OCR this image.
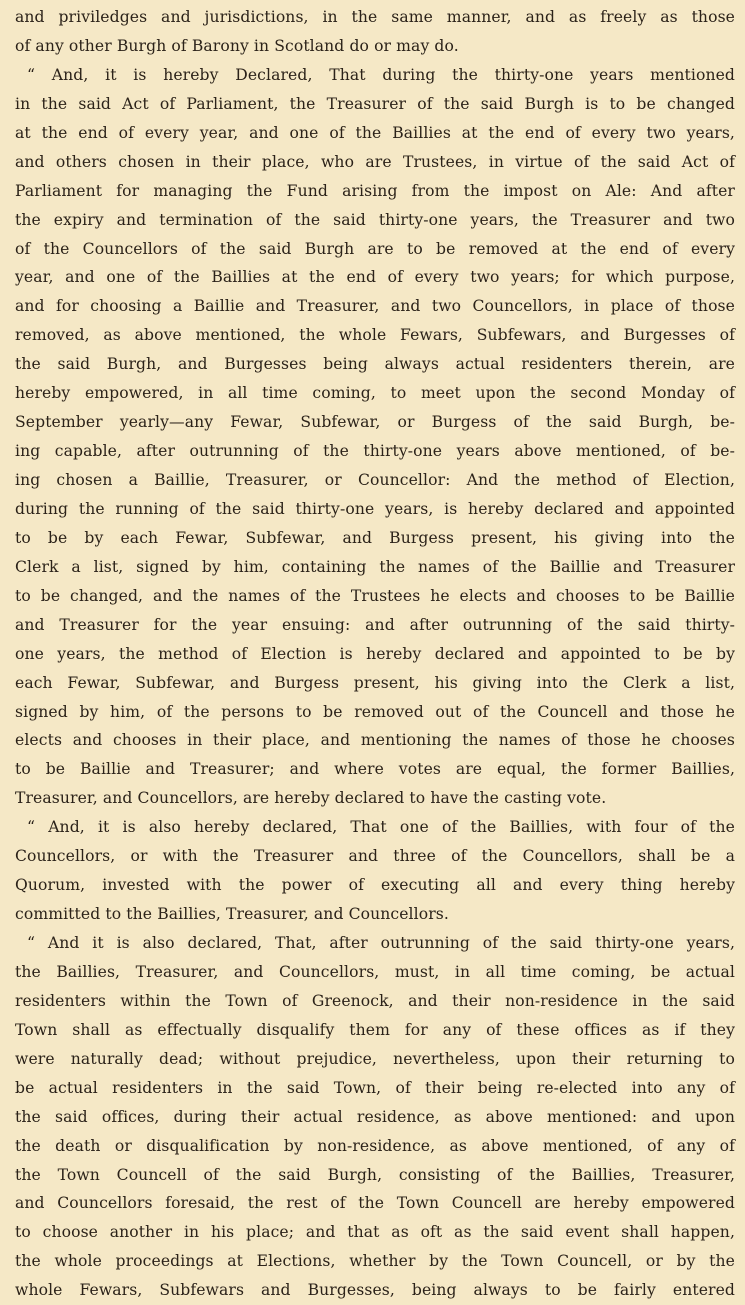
and priviledges and jurisdictions, in the same manner, and as freely as those
of any other Burgh of Barony in Scotland do or may do.
“ And, it is hereby Declared, That during the thirty-one years mentioned
in the said Act of Parliament, the Treasurer of the said Burgh is to be changed
at the end of every year, and one of the Baillies at the end of every two years,
and others chosen in their place, who are Trustees, in virtue of the said Act of
Parliament for managing the Fund arising from the impost on Ale: And after
the expiry and termination of the said thirty-one years, the Treasurer and two
of the Councellors of the said Burgh are to be removed at the end of every
year, and one of the Baillies at the end of every two years; for which purpose,
and for choosing a Baillie and Treasurer, and two Councellors, in place of those
removed, as above mentioned, the whole Fewars, Subfewars, and Burgesses of
the said Burgh, and Burgesses being always actual residenters therein, are
hereby empowered, in all time coming, to meet upon the second Monday of
September yearly—any Fewar, Subfewar, or Burgess of the said Burgh, be-
ing capable, after outrunning of the thirty-one years above mentioned, of be-
ing chosen a Baillie, Treasurer, or Councellor: And the method of Election,
during the running of the said thirty-one years, is hereby declared and appointed
to be by each Fewar, Subfewar, and Burgess present, his giving into the
Clerk a list, signed by him, containing the names of the Baillie and Treasurer
to be changed, and the names of the Trustees he elects and chooses to be Baillie
and Treasurer for the year ensuing: and after outrunning of the said thirty-
one years, the method of Election is hereby declared and appointed to be by
each Fewar, Subfewar, and Burgess present, his giving into the Clerk a list,
signed by him, of the persons to be removed out of the Councell and those he
elects and chooses in their place, and mentioning the names of those he chooses
to be Baillie and Treasurer; and where votes are equal, the former Baillies,
Treasurer, and Councellors, are hereby declared to have the casting vote.
“ And, it is also hereby declared, That one of the Baillies, with four of the
Councellors, or with the Treasurer and three of the Councellors, shall be a
Quorum, invested with the power of executing all and every thing hereby
committed to the Baillies, Treasurer, and Councellors.
“ And it is also declared, That, after outrunning of the said thirty-one years,
the Baillies, Treasurer, and Councellors, must, in all time coming, be actual
residenters within the Town of Greenock, and their non-residence in the said
Town shall as effectually disqualify them for any of these offices as if they
were naturally dead; without prejudice, nevertheless, upon their returning to
be actual residenters in the said Town, of their being re-elected into any of
the said offices, during their actual residence, as above mentioned: and upon
the death or disqualification by non-residence, as above mentioned, of any of
the Town Councell of the said Burgh, consisting of the Baillies, Treasurer,
and Councellors foresaid, the rest of the Town Councell are hereby empowered
to choose another in his place; and that as oft as the said event shall happen,
the whole proceedings at Elections, whether by the Town Councell, or by the
whole Fewars, Subfewars and Burgesses, being always to be fairly entered
